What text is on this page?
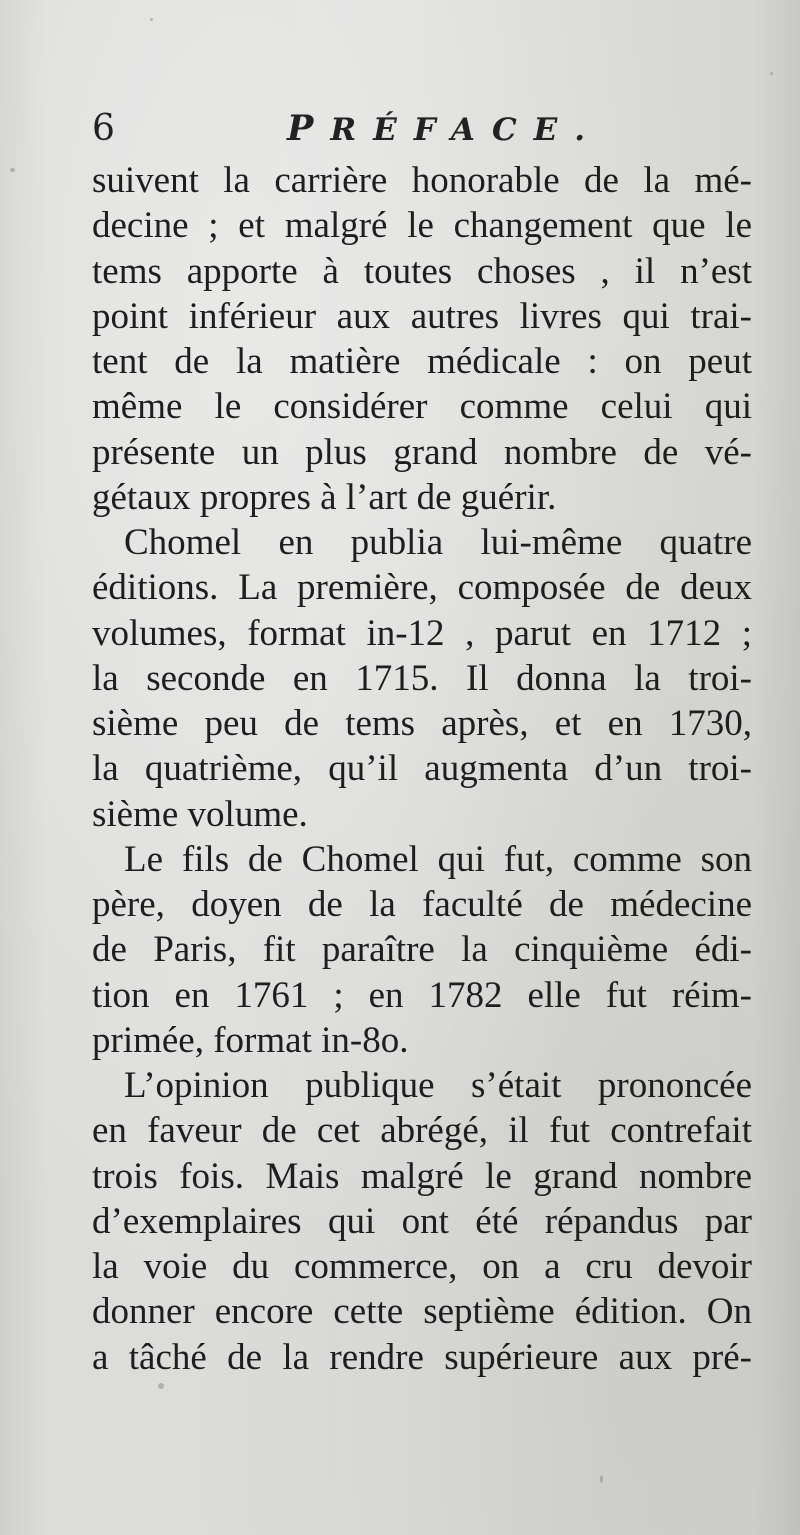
6	PRÉFACE.
suivent la carrière honorable de la mé-
decine ; et malgré le changement que le
tems apporte à toutes choses , il n’est
point inférieur aux autres livres qui trai-
tent de la matière médicale : on peut
même le considérer comme celui qui
présente un plus grand nombre de vé-
gétaux propres à l’art de guérir.
Chomel en publia lui-même quatre
éditions. La première, composée de deux
volumes, format in-12 , parut en 1712 ;
la seconde en 1715. Il donna la troi-
sième peu de tems après, et en 1730,
la quatrième, qu’il augmenta d’un troi-
sième volume.
Le fils de Chomel qui fut, comme son
père, doyen de la faculté de médecine
de Paris, fit paraître la cinquième édi-
tion en 1761 ; en 1782 elle fut réim-
primée, format in-8o.
L’opinion publique s’était prononcée
en faveur de cet abrégé, il fut contrefait
trois fois. Mais malgré le grand nombre
d’exemplaires qui ont été répandus par
la voie du commerce, on a cru devoir
donner encore cette septième édition. On
a tâché de la rendre supérieure aux pré-
